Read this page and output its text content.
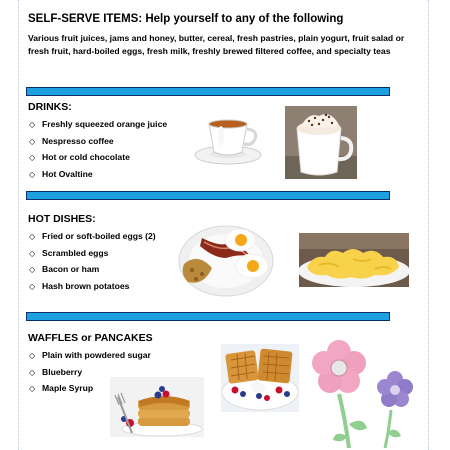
SELF-SERVE ITEMS: Help yourself to any of the following
Various fruit juices, jams and honey, butter, cereal, fresh pastries, plain yogurt, fruit salad or fresh fruit, hard-boiled eggs, fresh milk, freshly brewed filtered coffee, and specialty teas
DRINKS:
◇ Freshly squeezed orange juice
◇ Nespresso coffee
◇ Hot or cold chocolate
◇ Hot Ovaltine
HOT DISHES:
◇ Fried or soft-boiled eggs (2)
◇ Scrambled eggs
◇ Bacon or ham
◇ Hash brown potatoes
WAFFLES or PANCAKES
◇ Plain with powdered sugar
◇ Blueberry
◇ Maple Syrup
